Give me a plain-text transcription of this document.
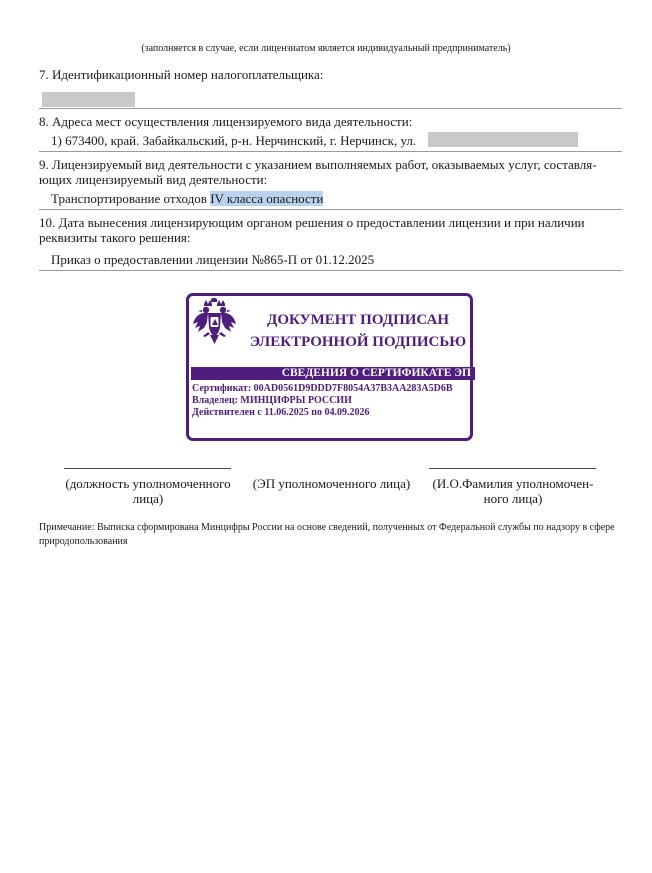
(заполняется в случае, если лицензиатом является индивидуальный предприниматель)
7. Идентификационный номер налогоплательщика:
8. Адреса мест осуществления лицензируемого вида деятельности:
1) 673400, край. Забайкальский, р-н. Нерчинский, г. Нерчинск, ул.
9. Лицензируемый вид деятельности с указанием выполняемых работ, оказываемых услуг, составля-
ющих лицензируемый вид деятельности:
Транспортирование отходов IV класса опасности
10. Дата вынесения лицензирующим органом решения о предоставлении лицензии и при наличии
реквизиты такого решения:
Приказ о предоставлении лицензии №865-П от 01.12.2025
ДОКУМЕНТ ПОДПИСАН
ЭЛЕКТРОННОЙ ПОДПИСЬЮ
СВЕДЕНИЯ О СЕРТИФИКАТЕ ЭП
Сертификат: 00AD0561D9DDD7F8054A37B3AA283A5D6B
Владелец: МИНЦИФРЫ РОССИИ
Действителен с 11.06.2025 по 04.09.2026
(должность уполномоченного
лица)
(ЭП уполномоченного лица)	(И.О.Фамилия уполномочен-
ного лица)
Примечание: Выписка сформирована Минцифры России на основе сведений, полученных от Федеральной службы по надзору в сфере природопользования
